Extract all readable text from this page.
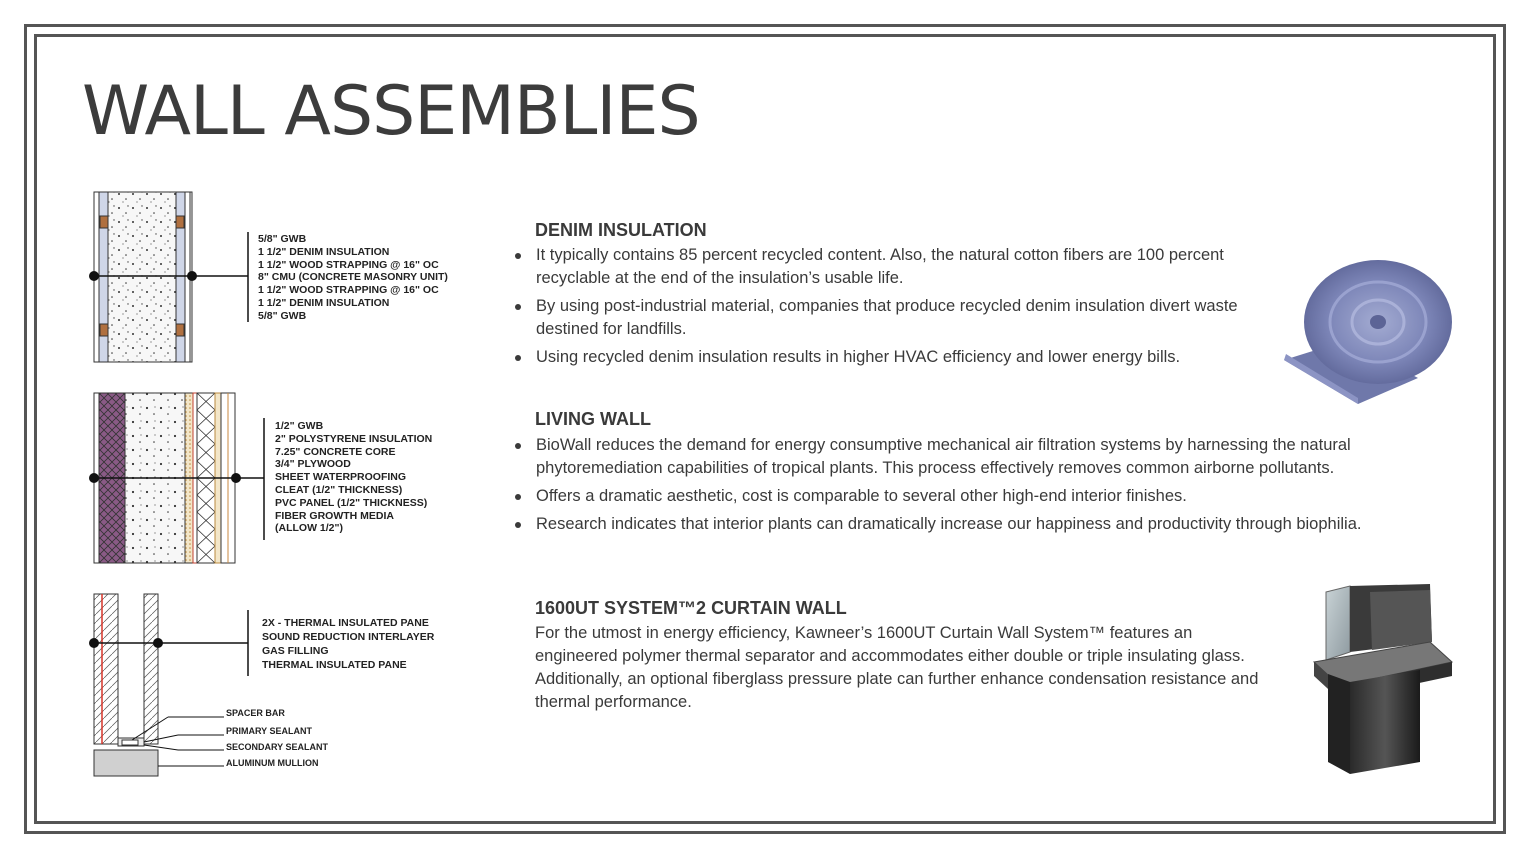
WALL ASSEMBLIES
5/8" GWB
1 1/2" DENIM INSULATION
1 1/2" WOOD STRAPPING @ 16" OC
8" CMU (CONCRETE MASONRY UNIT)
1 1/2" WOOD STRAPPING @ 16" OC
1 1/2" DENIM INSULATION
5/8" GWB
1/2" GWB
2" POLYSTYRENE INSULATION
7.25" CONCRETE CORE
3/4" PLYWOOD
SHEET WATERPROOFING
CLEAT (1/2" THICKNESS)
PVC PANEL (1/2" THICKNESS)
FIBER GROWTH MEDIA
(ALLOW 1/2")
2X - THERMAL INSULATED PANE
SOUND REDUCTION INTERLAYER
GAS FILLING
THERMAL INSULATED PANE
SPACER BAR
PRIMARY SEALANT
SECONDARY SEALANT
ALUMINUM MULLION
DENIM INSULATION
It typically contains 85 percent recycled content. Also, the natural cotton fibers are 100 percent recyclable at the end of the insulation’s usable life.
By using post-industrial material, companies that produce recycled denim insulation divert waste destined for landfills.
Using recycled denim insulation results in higher HVAC efficiency and lower energy bills.
LIVING WALL
BioWall reduces the demand for energy consumptive mechanical air filtration systems by harnessing the natural phytoremediation capabilities of tropical plants. This process effectively removes common airborne pollutants.
Offers a dramatic aesthetic, cost is comparable to several other high-end interior finishes.
Research indicates that interior plants can dramatically increase our happiness and productivity through biophilia.
1600UT SYSTEM™2 CURTAIN WALL

For the utmost in energy efficiency, Kawneer’s 1600UT Curtain Wall System™ features an engineered polymer thermal separator and accommodates either double or triple insulating glass. Additionally, an optional fiberglass pressure plate can further enhance condensation resistance and thermal performance.
